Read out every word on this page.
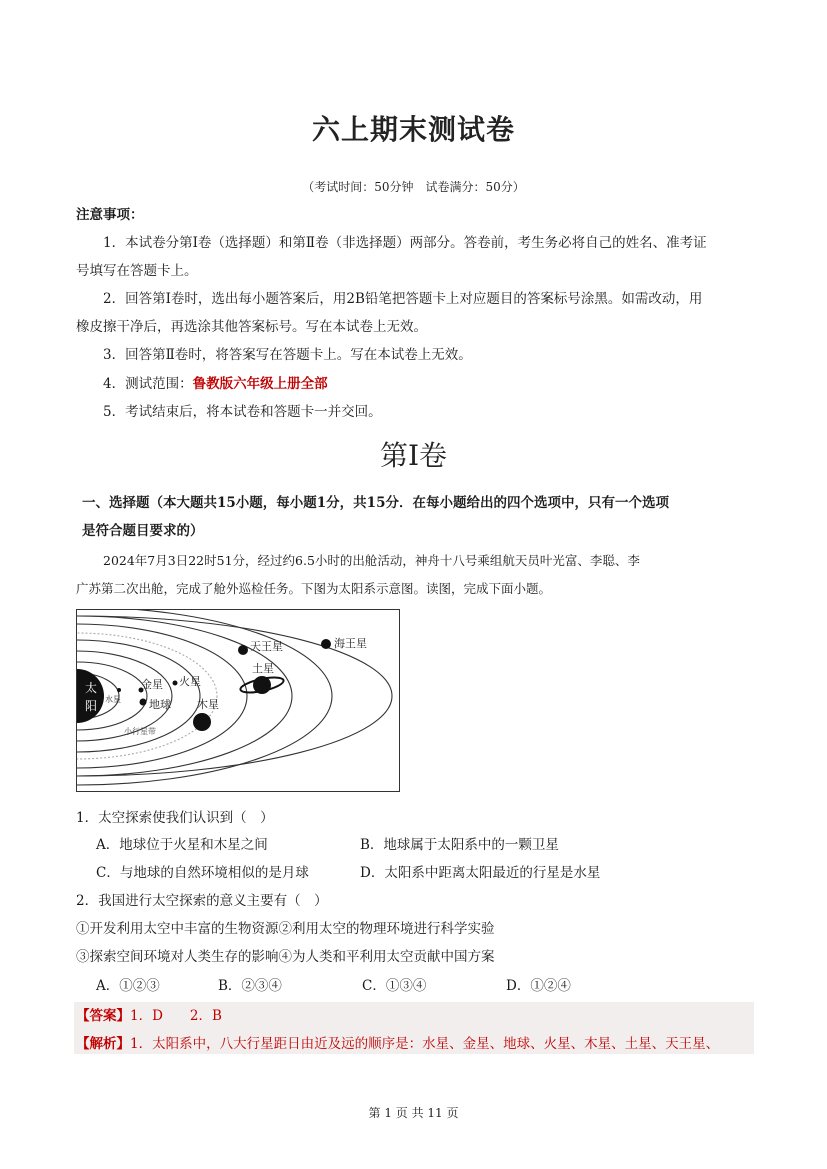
六上期末测试卷
（考试时间：50分钟　试卷满分：50分）
注意事项：
1．本试卷分第Ⅰ卷（选择题）和第Ⅱ卷（非选择题）两部分。答卷前，考生务必将自己的姓名、准考证
号填写在答题卡上。
2．回答第Ⅰ卷时，选出每小题答案后，用2B铅笔把答题卡上对应题目的答案标号涂黑。如需改动，用
橡皮擦干净后，再选涂其他答案标号。写在本试卷上无效。
3．回答第Ⅱ卷时，将答案写在答题卡上。写在本试卷上无效。
4．测试范围：鲁教版六年级上册全部
5．考试结束后，将本试卷和答题卡一并交回。
第Ⅰ卷
一、选择题（本大题共15小题，每小题1分，共15分．在每小题给出的四个选项中，只有一个选项
是符合题目要求的）
2024年7月3日22时51分，经过约6.5小时的出舱活动，神舟十八号乘组航天员叶光富、李聪、李
广苏第二次出舱，完成了舱外巡检任务。下图为太阳系示意图。读图，完成下面小题。
太
阳 水星
金星 火星
地球
小行星带
木星
土星
天王星	海王星
1．太空探索使我们认识到（　）
A．地球位于火星和木星之间	B．地球属于太阳系中的一颗卫星
C．与地球的自然环境相似的是月球	D．太阳系中距离太阳最近的行星是水星
2．我国进行太空探索的意义主要有（　）
①开发利用太空中丰富的生物资源②利用太空的物理环境进行科学实验
③探索空间环境对人类生存的影响④为人类和平利用太空贡献中国方案
A．①②③	B．②③④	C．①③④	D．①②④
【答案】1．D　　2．B
【解析】1．太阳系中，八大行星距日由近及远的顺序是：水星、金星、地球、火星、木星、土星、天王星、
第 1 页 共 11 页
